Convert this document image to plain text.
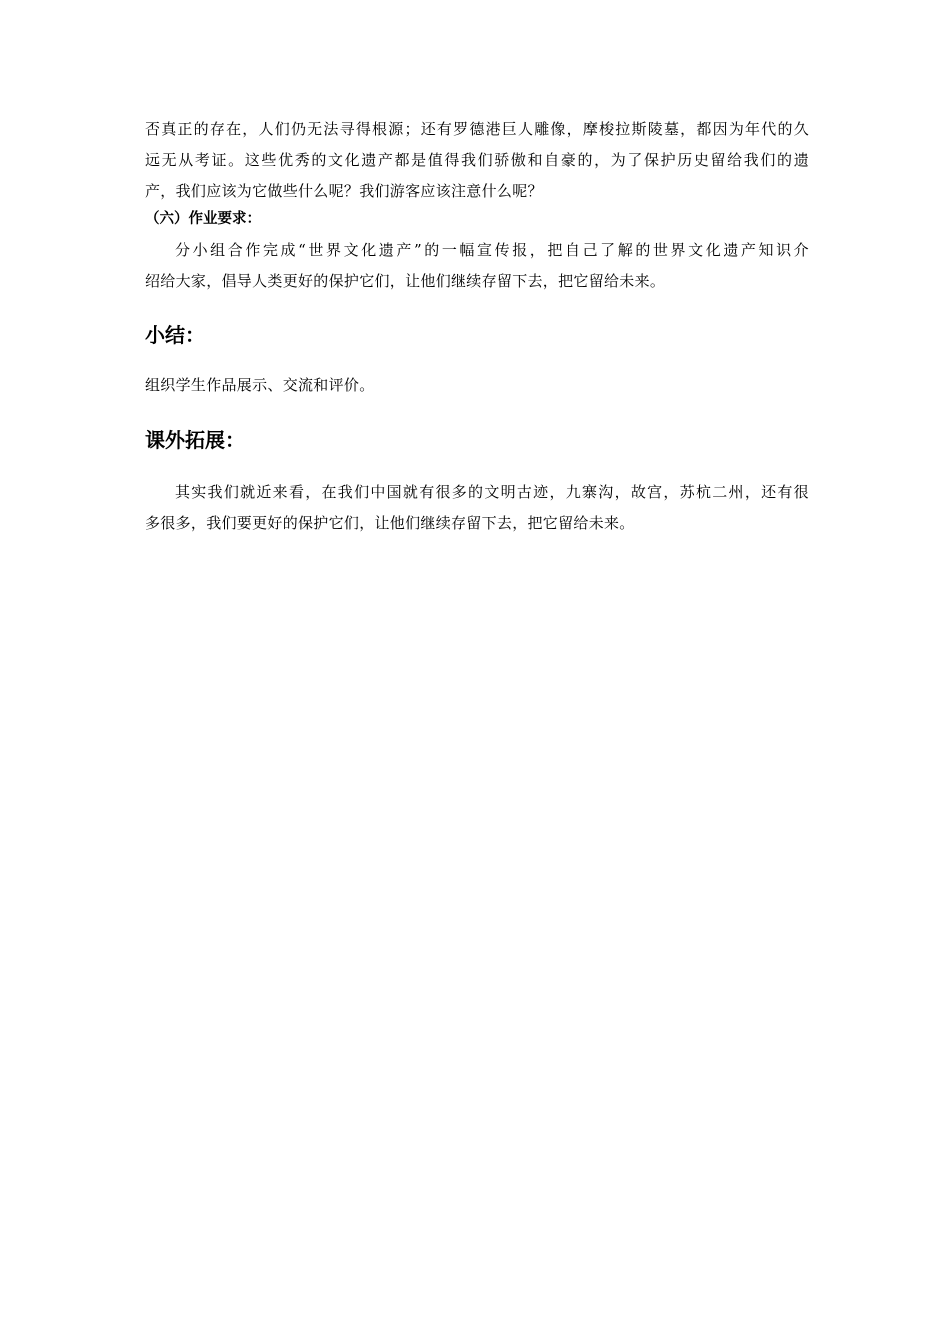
否真正的存在，人们仍无法寻得根源；还有罗德港巨人雕像，摩梭拉斯陵墓，都因为年代的久
远无从考证。这些优秀的文化遗产都是值得我们骄傲和自豪的，为了保护历史留给我们的遗
产，我们应该为它做些什么呢？我们游客应该注意什么呢？

（六）作业要求：

分小组合作完成“世界文化遗产”的一幅宣传报，把自己了解的世界文化遗产知识介
绍给大家，倡导人类更好的保护它们，让他们继续存留下去，把它留给未来。

小结：

组织学生作品展示、交流和评价。

课外拓展：

其实我们就近来看，在我们中国就有很多的文明古迹，九寨沟，故宫，苏杭二州，还有很
多很多，我们要更好的保护它们，让他们继续存留下去，把它留给未来。
